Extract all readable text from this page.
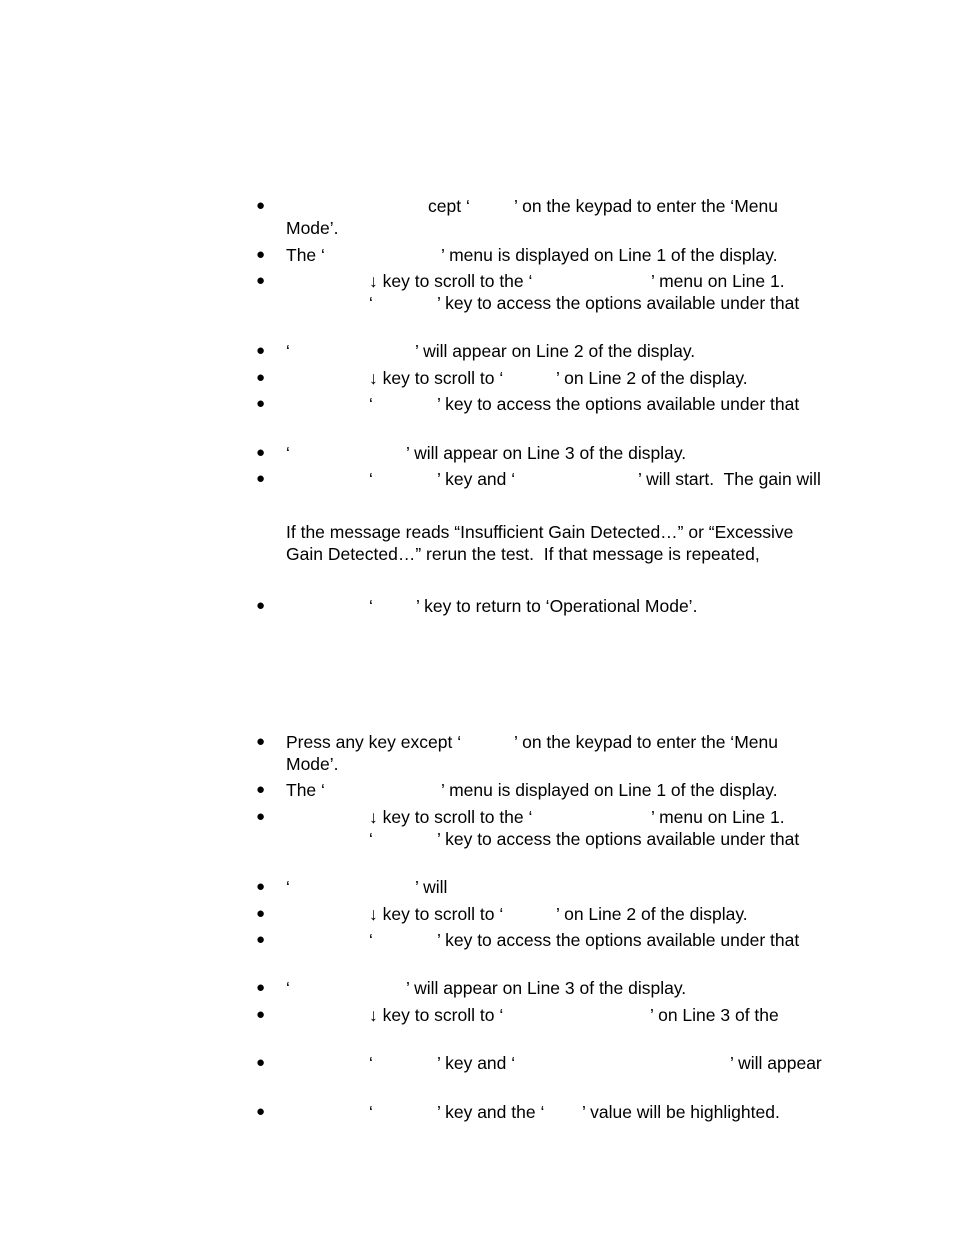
●	cept ‘	’ on the keypad to enter the ‘Menu
Mode’.
● The ‘	’ menu is displayed on Line 1 of the display.
●	↓ key to scroll to the ‘	’ menu on Line 1.
‘	’ key to access the options available under that
● ‘	’ will appear on Line 2 of the display.
●	↓ key to scroll to ‘	’ on Line 2 of the display.
●	‘	’ key to access the options available under that
● ‘	’ will appear on Line 3 of the display.
●	‘	’ key and ‘	’ will start.  The gain will
If the message reads “Insufficient Gain Detected…” or “Excessive
Gain Detected…” rerun the test.  If that message is repeated,
●	‘ ’ key to return to ‘Operational Mode’.
● Press any key except ‘	’ on the keypad to enter the ‘Menu
Mode’.
● The ‘	’ menu is displayed on Line 1 of the display.
●	↓ key to scroll to the ‘	’ menu on Line 1.
‘	’ key to access the options available under that
● ‘	’ will
●	↓ key to scroll to ‘	’ on Line 2 of the display.
●	‘	’ key to access the options available under that
● ‘	’ will appear on Line 3 of the display.
●	↓ key to scroll to ‘	’ on Line 3 of the
●	‘	’ key and ‘	’ will appear
●	‘	’ key and the ‘ ’ value will be highlighted.
